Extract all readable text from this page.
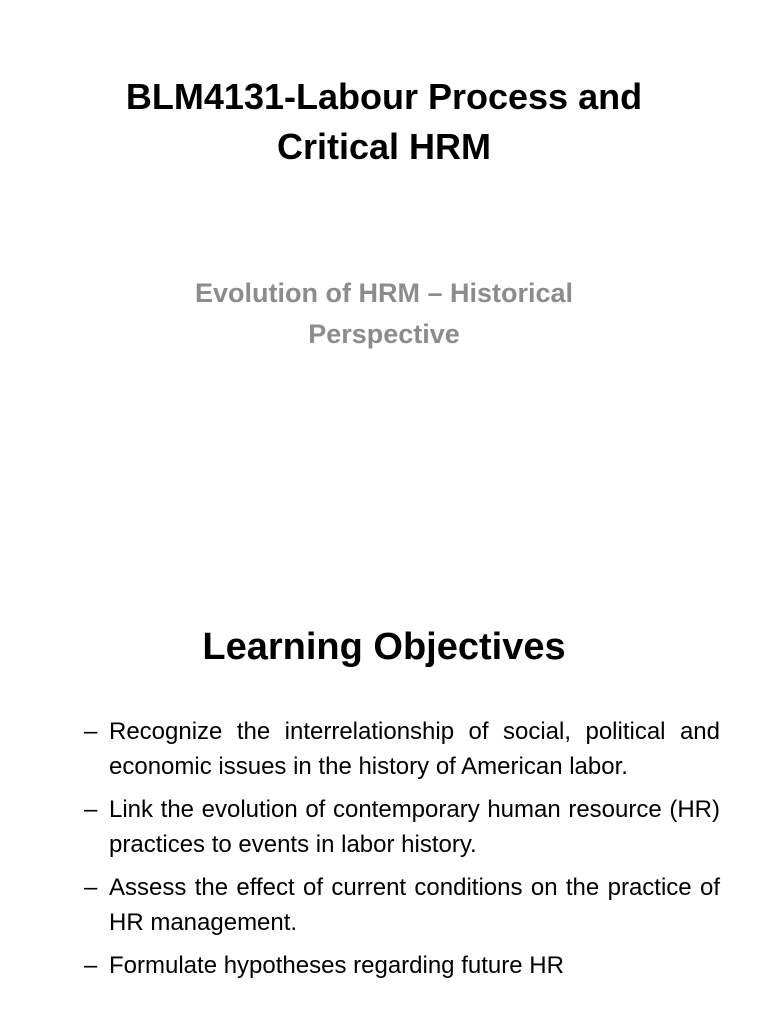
BLM4131-Labour Process and
Critical HRM
Evolution of HRM – Historical
Perspective
Learning Objectives
– Recognize the interrelationship of social, political and economic issues in the history of American labor.
– Link the evolution of contemporary human resource (HR) practices to events in labor history.
– Assess the effect of current conditions on the practice of HR management.
– Formulate hypotheses regarding future HR
